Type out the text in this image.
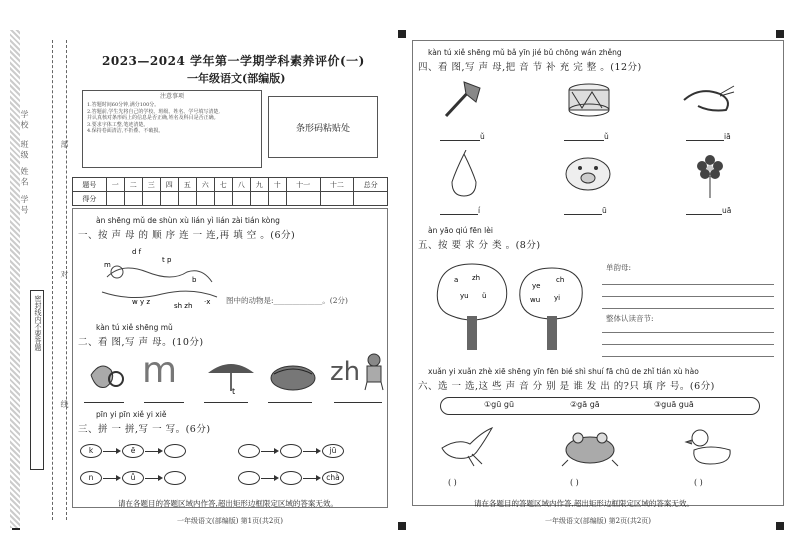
学 校
班 级
姓 名
学 号
部
对
线
密封线内不要答题
2023—2024 学年第一学期学科素养评价(一)
一年级语文(部编版)
注意事项
1.答题时间60分钟,满分100分。
2.答题前,学生先将自己的学校、班级、姓名、学号填写清楚,
并认真核对条形码上的信息是否正确,姓名及科目是否正确。
3.要求字体工整,笔迹清楚。
4.保持卷面清洁,不折叠、不破损。	条形码粘贴处
题号	一	二	三	四	五	六	七	八	九	十	十一	十二	总分
得分													
àn shēng mǔ de shùn xù lián yì lián zài tián kòng
一、按 声 母 的 顺 序 连 一 连,再 填 空 。(6分)
m
d f
t p
b
w y z	sh zh ·x 图中的动物是:_____________。(2分)
kàn tú xiě shēng mǔ
二、看 图,写 声 母。(10分)
m
t
zh
pīn yi pīn xiě yi xiě
三、拼 一 拼,写 一 写。(6分)
k	ē	jū
n	ǚ	chà
请在各题目的答题区域内作答,超出矩形边框限定区域的答案无效。
一年级语文(部编版) 第1页(共2页)
kàn tú xiě shēng mǔ bǎ yīn jié bǔ chōng wán zhěng
四、看 图,写 声 母,把 音 节 补 充 完 整 。(12分)
ǔ	ǔ	iā
í	ū	uā
àn yāo qiú fēn lèi
五、按 要 求 分 类 。(8分)
a zh
yu ü
ye
wu
ch
yi
单韵母:
整体认读音节:
xuǎn yi xuǎn zhè xiē shēng yīn fēn bié shì shuí fā chū de zhǐ tián xù hào
六、选 一 选,这 些 声 音 分 别 是 谁 发 出 的?只 填 序 号。(6分)
①gū gū	②gā gā	③guā guā
( )	( )	( )
请在各题目的答题区域内作答,超出矩形边框限定区域的答案无效。
一年级语文(部编版) 第2页(共2页)
